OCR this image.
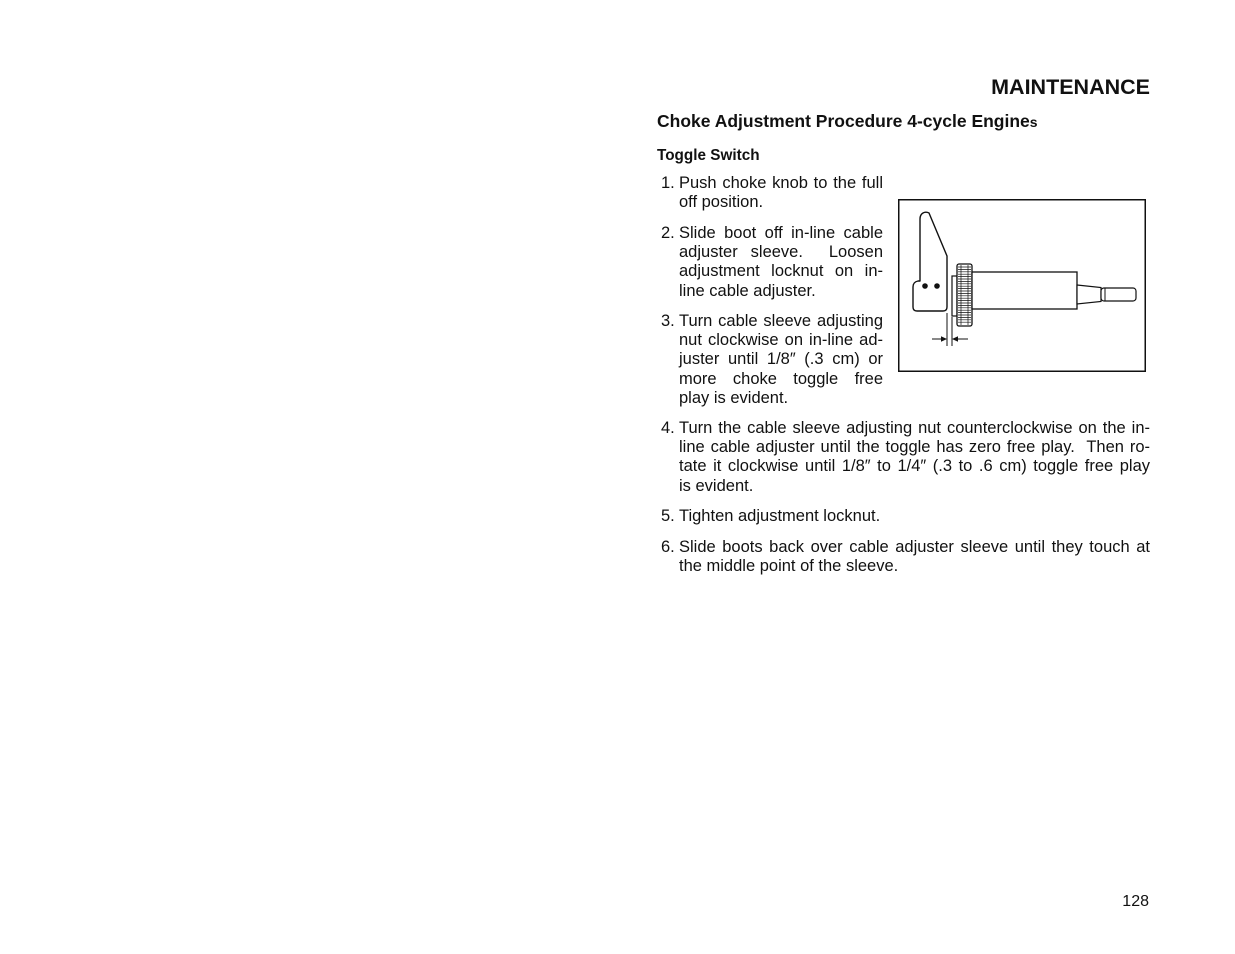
MAINTENANCE
Choke Adjustment Procedure 4-cycle Engines
Toggle Switch
1. Push choke knob to the full
off position.
2. Slide boot off in-line cable
adjuster sleeve.  Loosen
adjustment locknut on in-
line cable adjuster.
3. Turn cable sleeve adjusting
nut clockwise on in-line ad-
juster until 1/8″ (.3 cm) or
more choke toggle free
play is evident.
4. Turn the cable sleeve adjusting nut counterclockwise on the in-
line cable adjuster until the toggle has zero free play.  Then ro-
tate it clockwise until 1/8″ to 1/4″ (.3 to .6 cm) toggle free play
is evident.
5. Tighten adjustment locknut.
6. Slide boots back over cable adjuster sleeve until they touch at
the middle point of the sleeve.
128
